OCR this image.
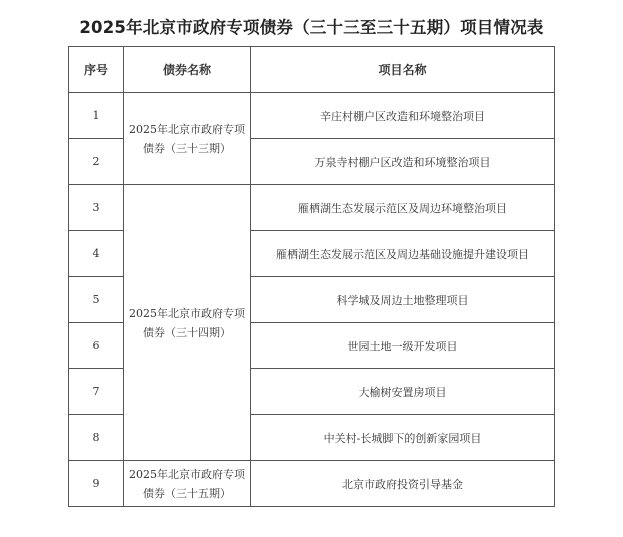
2025年北京市政府专项债券（三十三至三十五期）项目情况表
序号	债券名称	项目名称
1	2025年北京市政府专项债券（三十三期）	辛庄村棚户区改造和环境整治项目
2		万泉寺村棚户区改造和环境整治项目
3	2025年北京市政府专项债券（三十四期）	雁栖湖生态发展示范区及周边环境整治项目
4		雁栖湖生态发展示范区及周边基础设施提升建设项目
5		科学城及周边土地整理项目
6		世园土地一级开发项目
7		大榆树安置房项目
8		中关村-长城脚下的创新家园项目
9	2025年北京市政府专项债券（三十五期）	北京市政府投资引导基金
